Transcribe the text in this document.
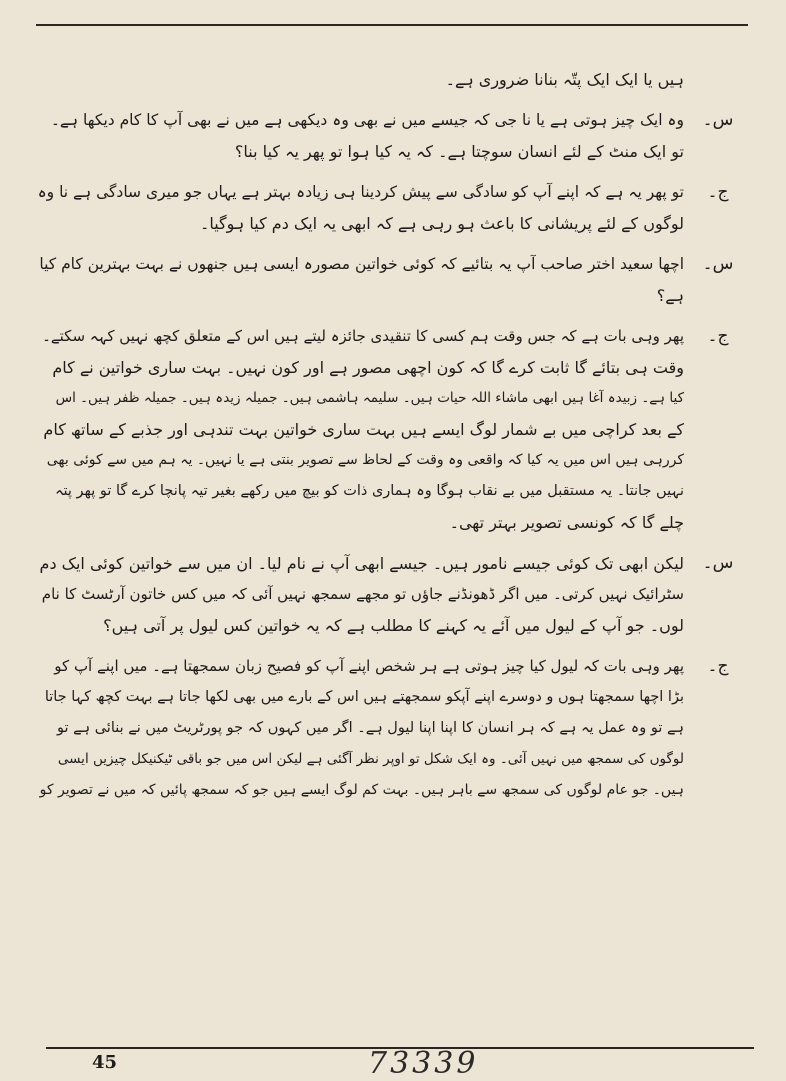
ہیں یا ایک ایک پتّہ بنانا ضروری ہے۔
س۔
وہ ایک چیز ہوتی ہے یا نا جی کہ جیسے میں نے بھی وہ دیکھی ہے میں نے بھی آپ کا کام دیکھا ہے۔
تو ایک منٹ کے لئے انسان سوچتا ہے۔ کہ یہ کیا ہوا تو پھر یہ کیا بنا؟
ج۔
تو پھر یہ ہے کہ اپنے آپ کو سادگی سے پیش کردینا ہی زیادہ بہتر ہے یہاں جو میری سادگی ہے نا وہ
لوگوں کے لئے پریشانی کا باعث ہو رہی ہے کہ ابھی یہ ایک دم کیا ہوگیا۔
س۔
اچھا سعید اختر صاحب آپ یہ بتائیے کہ کوئی خواتین مصورہ ایسی ہیں جنھوں نے بہت بہترین کام کیا
ہے؟
ج۔
پھر وہی بات ہے کہ جس وقت ہم کسی کا تنقیدی جائزہ لیتے ہیں اس کے متعلق کچھ نہیں کہہ سکتے۔
وقت ہی بتائے گا ثابت کرے گا کہ کون اچھی مصور ہے اور کون نہیں۔ بہت ساری خواتین نے کام
کیا ہے۔ زبیدہ آغا ہیں ابھی ماشاء اللہ حیات ہیں۔ سلیمہ ہاشمی ہیں۔ جمیلہ زیدہ ہیں۔ جمیلہ ظفر ہیں۔ اس
کے بعد کراچی میں بے شمار لوگ ایسے ہیں بہت ساری خواتین بہت تندہی اور جذبے کے ساتھ کام
کررہی ہیں اس میں یہ کیا کہ واقعی وہ وقت کے لحاظ سے تصویر بنتی ہے یا نہیں۔ یہ ہم میں سے کوئی بھی
نہیں جانتا۔ یہ مستقبل میں بے نقاب ہوگا وہ ہماری ذات کو بیچ میں رکھے بغیر تیہ پانچا کرے گا تو پھر پتہ
چلے گا کہ کونسی تصویر بہتر تھی۔
س۔
لیکن ابھی تک کوئی جیسے نامور ہیں۔ جیسے ابھی آپ نے نام لیا۔ ان میں سے خواتین کوئی ایک دم
سٹرائیک نہیں کرتی۔ میں اگر ڈھونڈنے جاؤں تو مجھے سمجھ نہیں آئی کہ میں کس خاتون آرٹسٹ کا نام
لوں۔ جو آپ کے لیول میں آئے یہ کہنے کا مطلب ہے کہ یہ خواتین کس لیول پر آتی ہیں؟
ج۔
پھر وہی بات کہ لیول کیا چیز ہوتی ہے ہر شخص اپنے آپ کو فصیح زبان سمجھتا ہے۔ میں اپنے آپ کو
بڑا اچھا سمجھتا ہوں و دوسرے اپنے آپکو سمجھتے ہیں اس کے بارے میں بھی لکھا جاتا ہے بہت کچھ کہا جاتا
ہے تو وہ عمل یہ ہے کہ ہر انسان کا اپنا اپنا لیول ہے۔ اگر میں کہوں کہ جو پورٹریٹ میں نے بنائی ہے تو
لوگوں کی سمجھ میں نہیں آئی۔ وہ ایک شکل تو اوپر نظر آگئی ہے لیکن اس میں جو باقی ٹیکنیکل چیزیں ایسی
ہیں۔ جو عام لوگوں کی سمجھ سے باہر ہیں۔ بہت کم لوگ ایسے ہیں جو کہ سمجھ پائیں کہ میں نے تصویر کو
45	73339
